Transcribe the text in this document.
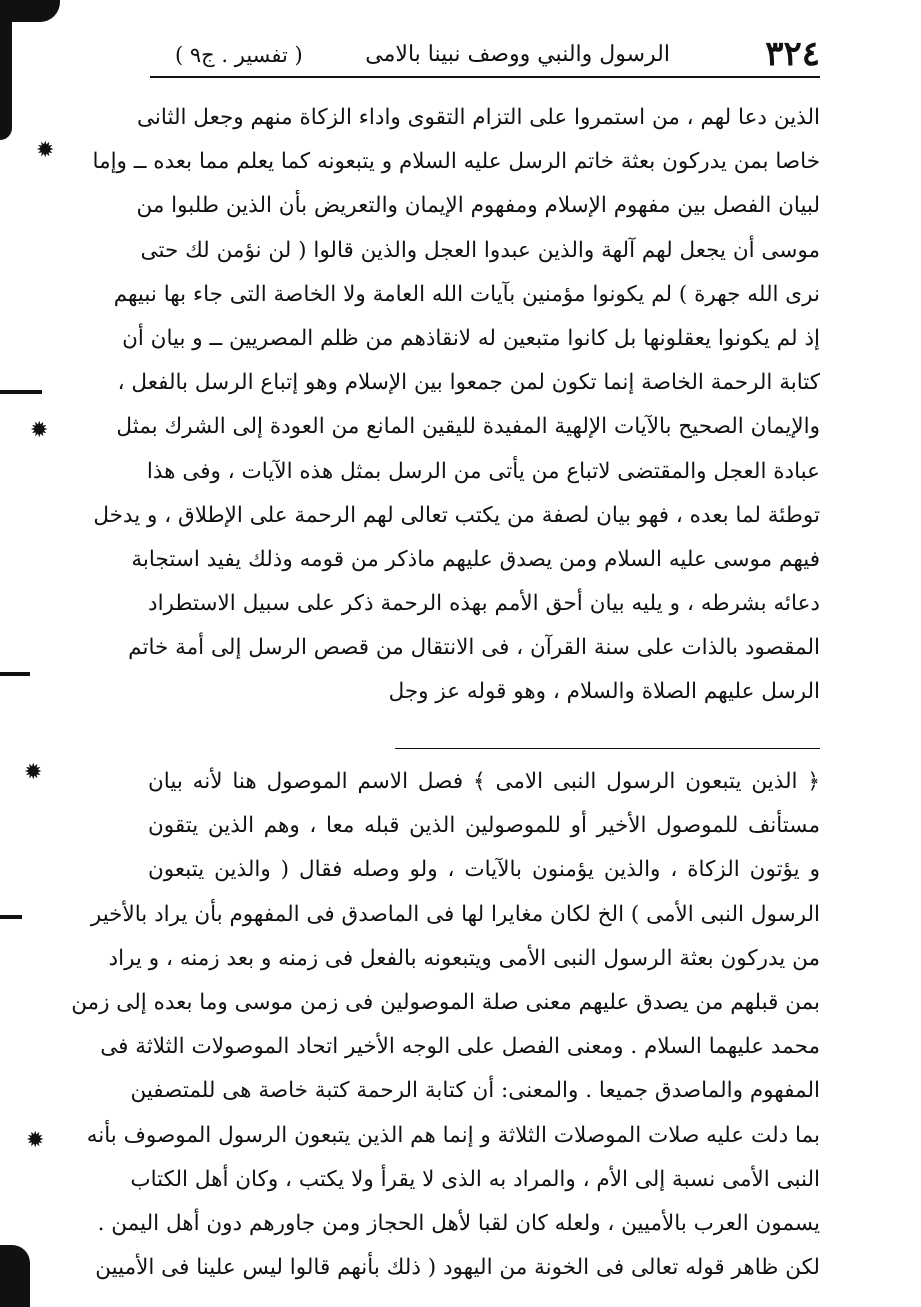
✹
✹
✹
✹
٣٢٤
الرسول والنبي ووصف نبينا بالامى
( تفسير . ج٩ )
الذين دعا لهم ، من استمروا على التزام التقوى واداء الزكاة منهم وجعل الثانى
خاصا بمن يدركون بعثة خاتم الرسل عليه السلام و يتبعونه كما يعلم مما بعده ــ وإما
لبيان الفصل بين مفهوم الإسلام ومفهوم الإيمان والتعريض بأن الذين طلبوا من
موسى أن يجعل لهم آلهة والذين عبدوا العجل والذين قالوا ( لن نؤمن لك حتى
نرى الله جهرة ) لم يكونوا مؤمنين بآيات الله العامة ولا الخاصة التى جاء بها نبيهم
إذ لم يكونوا يعقلونها بل كانوا متبعين له لانقاذهم من ظلم المصريين ــ و بيان أن
كتابة الرحمة الخاصة إنما تكون لمن جمعوا بين الإسلام وهو إتباع الرسل بالفعل ،
والإيمان الصحيح بالآيات الإلهية المفيدة لليقين المانع من العودة إلى الشرك بمثل
عبادة العجل والمقتضى لاتباع من يأتى من الرسل بمثل هذه الآيات ، وفى هذا
توطئة لما بعده ، فهو بيان لصفة من يكتب تعالى لهم الرحمة على الإطلاق ، و يدخل
فيهم موسى عليه السلام ومن يصدق عليهم ماذكر من قومه وذلك يفيد استجابة
دعائه بشرطه ، و يليه بيان أحق الأمم بهذه الرحمة ذكر على سبيل الاستطراد
المقصود بالذات على سنة القرآن ، فى الانتقال من قصص الرسل إلى أمة خاتم
الرسل عليهم الصلاة والسلام ، وهو قوله عز وجل
﴿ الذين يتبعون الرسول النبى الامى ﴾ فصل الاسم الموصول هنا لأنه بيان
مستأنف للموصول الأخير أو للموصولين الذين قبله معا ، وهم الذين يتقون
و يؤتون الزكاة ، والذين يؤمنون بالآيات ، ولو وصله فقال ( والذين يتبعون
الرسول النبى الأمى ) الخ لكان مغايرا لها فى الماصدق فى المفهوم بأن يراد بالأخير
من يدركون بعثة الرسول النبى الأمى ويتبعونه بالفعل فى زمنه و بعد زمنه ، و يراد
بمن قبلهم من يصدق عليهم معنى صلة الموصولين فى زمن موسى وما بعده إلى زمن
محمد عليهما السلام . ومعنى الفصل على الوجه الأخير اتحاد الموصولات الثلاثة فى
المفهوم والماصدق جميعا . والمعنى: أن كتابة الرحمة كتبة خاصة هى للمتصفين
بما دلت عليه صلات الموصلات الثلاثة و إنما هم الذين يتبعون الرسول الموصوف بأنه
النبى الأمى نسبة إلى الأم ، والمراد به الذى لا يقرأ ولا يكتب ، وكان أهل الكتاب
يسمون العرب بالأميين ، ولعله كان لقبا لأهل الحجاز ومن جاورهم دون أهل اليمن .
لكن ظاهر قوله تعالى فى الخونة من اليهود ( ذلك بأنهم قالوا ليس علينا فى الأميين
